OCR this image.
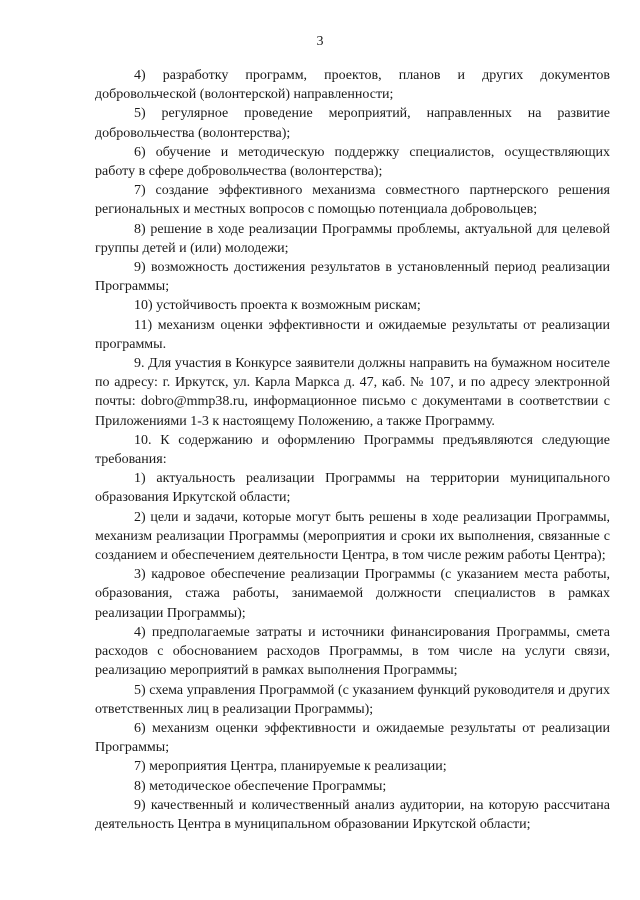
3

4) разработку программ, проектов, планов и других документов добровольческой (волонтерской) направленности;

5) регулярное проведение мероприятий, направленных на развитие добровольчества (волонтерства);

6) обучение и методическую поддержку специалистов, осуществляющих работу в сфере добровольчества (волонтерства);

7) создание эффективного механизма совместного партнерского решения региональных и местных вопросов с помощью потенциала добровольцев;

8) решение в ходе реализации Программы проблемы, актуальной для целевой группы детей и (или) молодежи;

9) возможность достижения результатов в установленный период реализации Программы;

10) устойчивость проекта к возможным рискам;

11) механизм оценки эффективности и ожидаемые результаты от реализации программы.

9. Для участия в Конкурсе заявители должны направить на бумажном носителе по адресу: г. Иркутск, ул. Карла Маркса д. 47, каб. № 107, и по адресу электронной почты: dobro@mmp38.ru, информационное письмо с документами в соответствии с Приложениями 1-3 к настоящему Положению, а также Программу.

10. К содержанию и оформлению Программы предъявляются следующие требования:

1) актуальность реализации Программы на территории муниципального образования Иркутской области;

2) цели и задачи, которые могут быть решены в ходе реализации Программы, механизм реализации Программы (мероприятия и сроки их выполнения, связанные с созданием и обеспечением деятельности Центра, в том числе режим работы Центра);

3) кадровое обеспечение реализации Программы (с указанием места работы, образования, стажа работы, занимаемой должности специалистов в рамках реализации Программы);

4) предполагаемые затраты и источники финансирования Программы, смета расходов с обоснованием расходов Программы, в том числе на услуги связи, реализацию мероприятий в рамках выполнения Программы;

5) схема управления Программой (с указанием функций руководителя и других ответственных лиц в реализации Программы);

6) механизм оценки эффективности и ожидаемые результаты от реализации Программы;

7) мероприятия Центра, планируемые к реализации;

8) методическое обеспечение Программы;

9) качественный и количественный анализ аудитории, на которую рассчитана деятельность Центра в муниципальном образовании Иркутской области;
